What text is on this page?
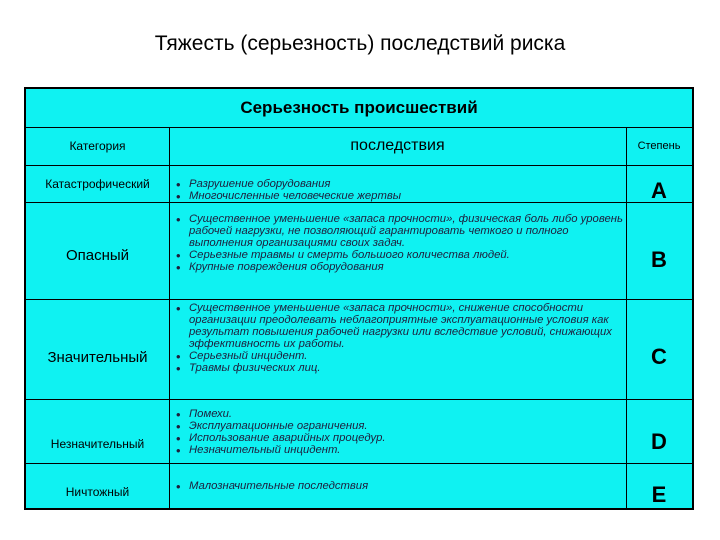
Тяжесть (серьезность) последствий риска
Серьезность происшествий
Категория	последствия	Степень
Катастрофический	• Разрушение оборудования
• Многочисленные человеческие жертвы	A
Опасный
• Существенное уменьшение «запаса прочности», физическая боль либо уровень рабочей нагрузки, не позволяющий гарантировать четкого и полного выполнения организациями своих задач.
• Серьезные травмы и смерть большого количества людей.
• Крупные повреждения оборудования	B
Значительный
• Существенное уменьшение «запаса прочности», снижение способности организации преодолевать неблагоприятные эксплуатационные условия как результат повышения рабочей нагрузки или вследствие условий, снижающих эффективность их работы.
• Серьезный инцидент.
• Травмы физических лиц.	C
Незначительный
• Помехи.
• Эксплуатационные ограничения.
• Использование аварийных процедур.
• Незначительный инцидент.	D
Ничтожный	• Малозначительные последствия	E
